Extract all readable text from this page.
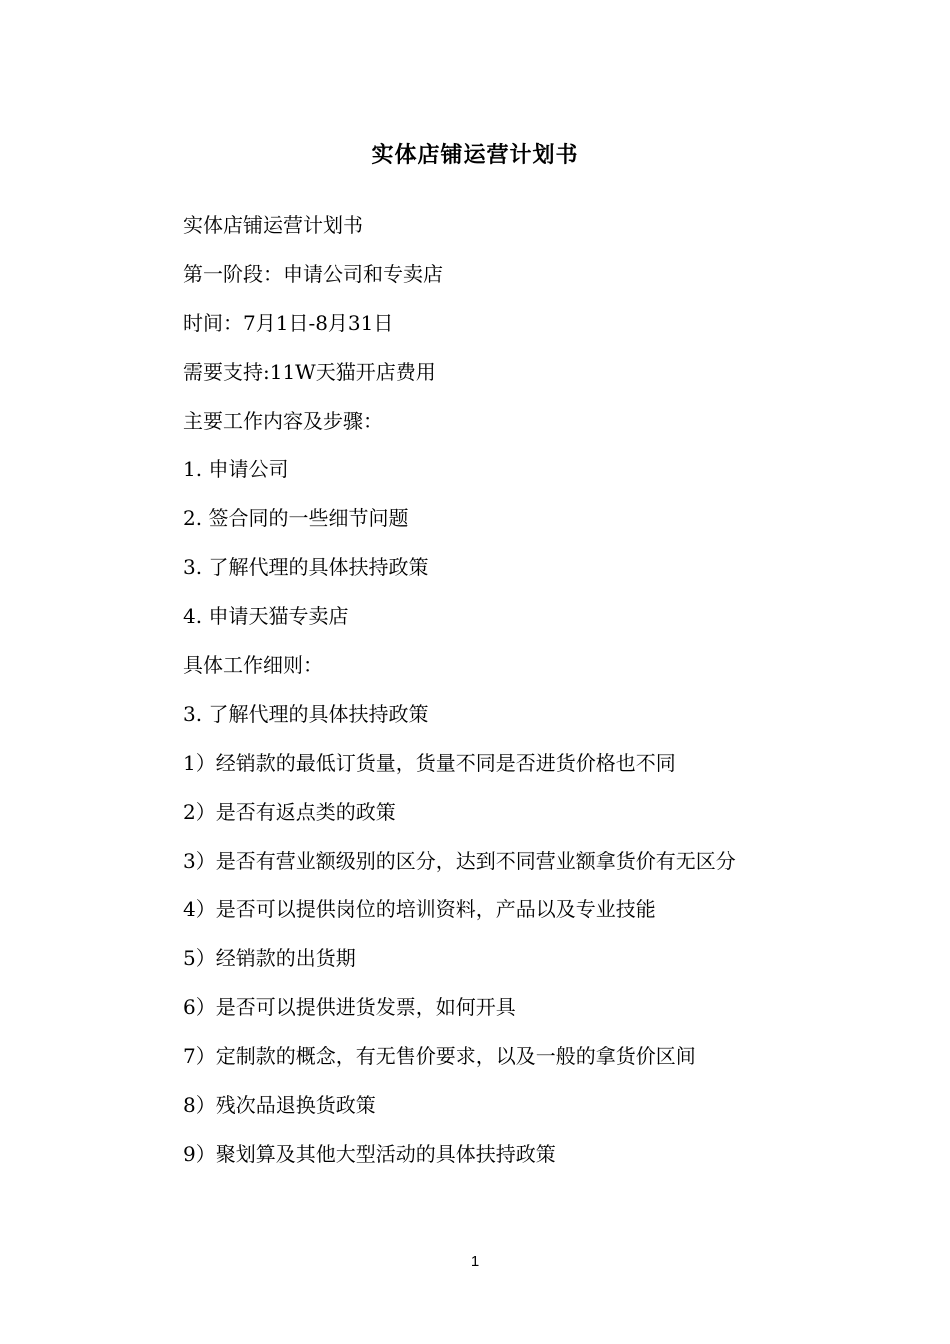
实体店铺运营计划书
实体店铺运营计划书
第一阶段：申请公司和专卖店
时间：7月1日-8月31日
需要支持:11W天猫开店费用
主要工作内容及步骤：
1. 申请公司
2. 签合同的一些细节问题
3. 了解代理的具体扶持政策
4. 申请天猫专卖店
具体工作细则：
3. 了解代理的具体扶持政策
1）经销款的最低订货量，货量不同是否进货价格也不同
2）是否有返点类的政策
3）是否有营业额级别的区分，达到不同营业额拿货价有无区分
4）是否可以提供岗位的培训资料，产品以及专业技能
5）经销款的出货期
6）是否可以提供进货发票，如何开具
7）定制款的概念，有无售价要求，以及一般的拿货价区间
8）残次品退换货政策
9）聚划算及其他大型活动的具体扶持政策
1
